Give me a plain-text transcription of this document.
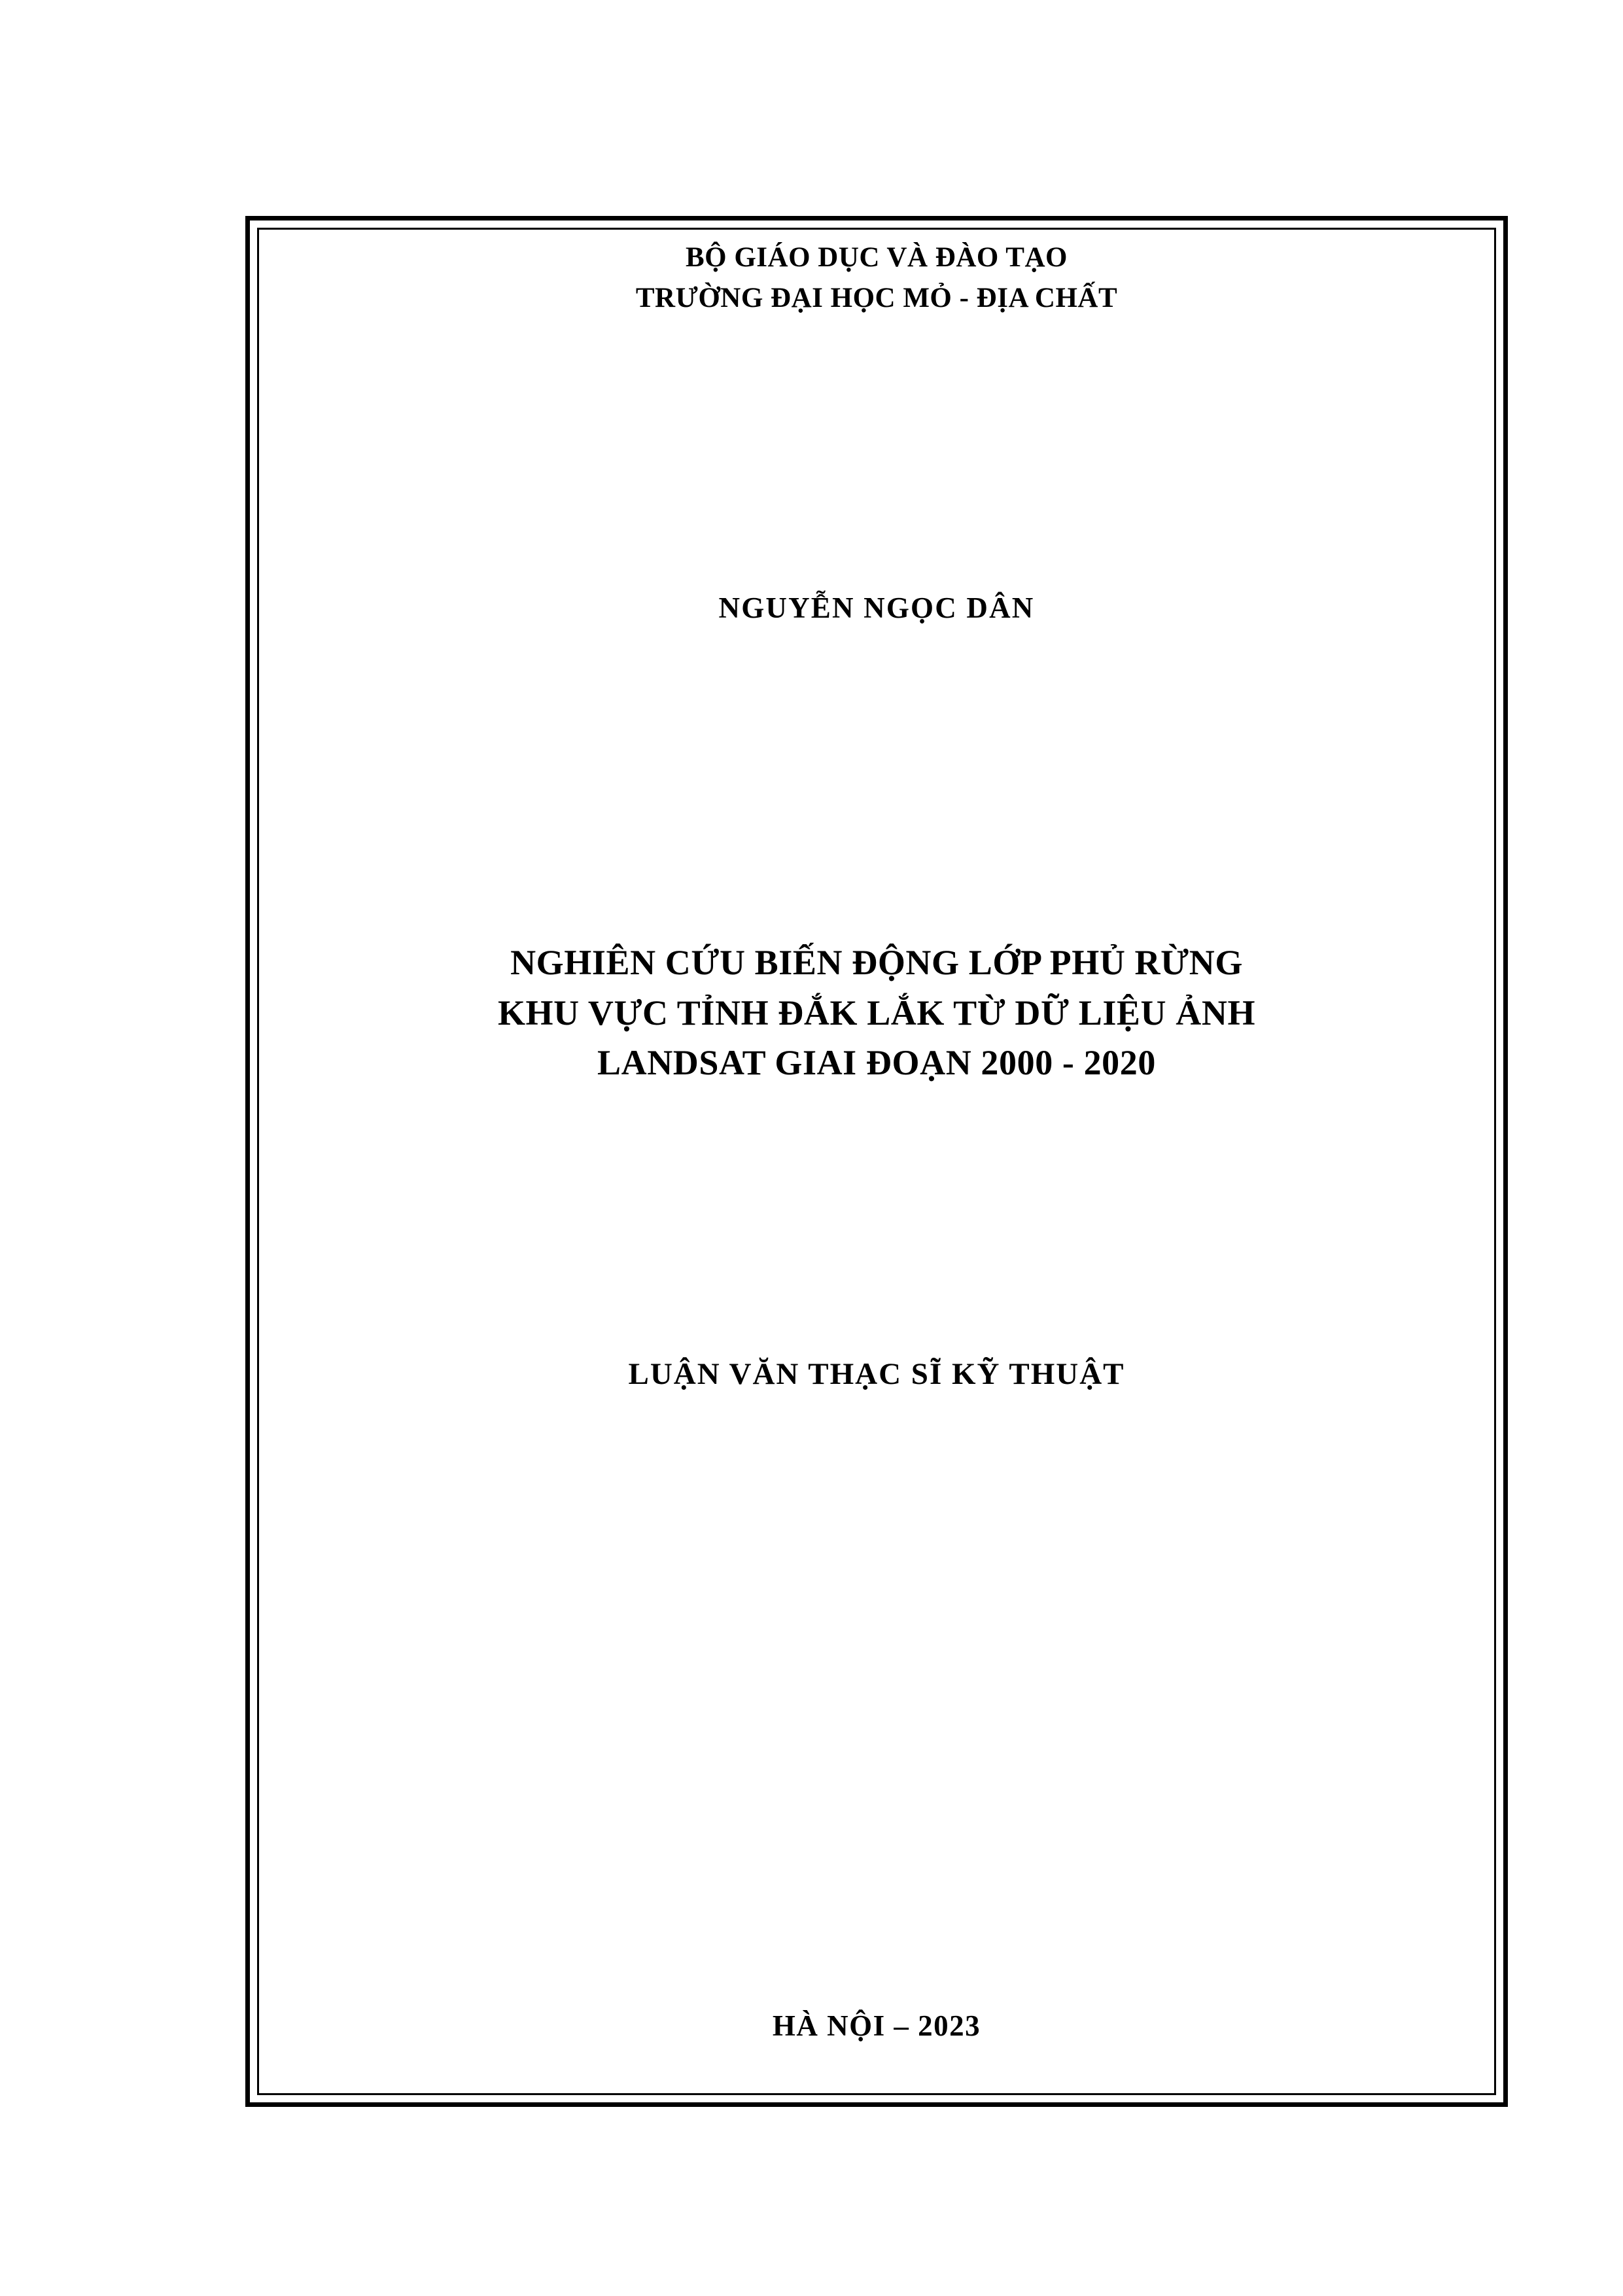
BỘ GIÁO DỤC VÀ ĐÀO TẠO
TRƯỜNG ĐẠI HỌC MỎ - ĐỊA CHẤT
NGUYỄN NGỌC DÂN
NGHIÊN CỨU BIẾN ĐỘNG LỚP PHỦ RỪNG
KHU VỰC TỈNH ĐẮK LẮK TỪ DỮ LIỆU ẢNH
LANDSAT GIAI ĐOẠN 2000 - 2020
LUẬN VĂN THẠC SĨ KỸ THUẬT
HÀ NỘI – 2023
